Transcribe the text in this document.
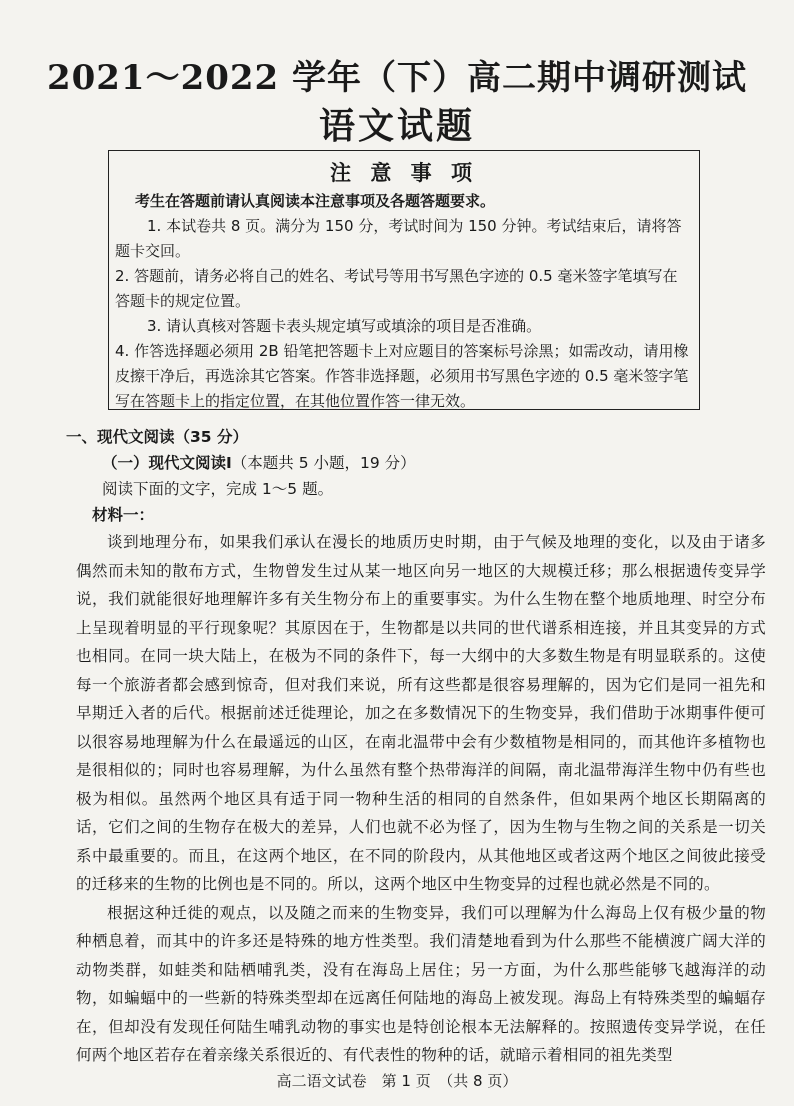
2021～2022 学年（下）高二期中调研测试
语文试题
注 意 事 项

考生在答题前请认真阅读本注意事项及各题答题要求。

1. 本试卷共 8 页。满分为 150 分，考试时间为 150 分钟。考试结束后，请将答题卡交回。

2. 答题前，请务必将自己的姓名、考试号等用书写黑色字迹的 0.5 毫米签字笔填写在答题卡的规定位置。

3. 请认真核对答题卡表头规定填写或填涂的项目是否准确。

4. 作答选择题必须用 2B 铅笔把答题卡上对应题目的答案标号涂黑；如需改动，请用橡皮擦干净后，再选涂其它答案。作答非选择题，必须用书写黑色字迹的 0.5 毫米签字笔写在答题卡上的指定位置，在其他位置作答一律无效。

一、现代文阅读（35 分）

（一）现代文阅读Ⅰ（本题共 5 小题，19 分）

阅读下面的文字，完成 1～5 题。

材料一：

谈到地理分布，如果我们承认在漫长的地质历史时期，由于气候及地理的变化，以及由于诸多偶然而未知的散布方式，生物曾发生过从某一地区向另一地区的大规模迁移；那么根据遗传变异学说，我们就能很好地理解许多有关生物分布上的重要事实。为什么生物在整个地质地理、时空分布上呈现着明显的平行现象呢？其原因在于，生物都是以共同的世代谱系相连接，并且其变异的方式也相同。在同一块大陆上，在极为不同的条件下，每一大纲中的大多数生物是有明显联系的。这使每一个旅游者都会感到惊奇，但对我们来说，所有这些都是很容易理解的，因为它们是同一祖先和早期迁入者的后代。根据前述迁徙理论，加之在多数情况下的生物变异，我们借助于冰期事件便可以很容易地理解为什么在最遥远的山区，在南北温带中会有少数植物是相同的，而其他许多植物也是很相似的；同时也容易理解，为什么虽然有整个热带海洋的间隔，南北温带海洋生物中仍有些也极为相似。虽然两个地区具有适于同一物种生活的相同的自然条件，但如果两个地区长期隔离的话，它们之间的生物存在极大的差异，人们也就不必为怪了，因为生物与生物之间的关系是一切关系中最重要的。而且，在这两个地区，在不同的阶段内，从其他地区或者这两个地区之间彼此接受的迁移来的生物的比例也是不同的。所以，这两个地区中生物变异的过程也就必然是不同的。

根据这种迁徙的观点，以及随之而来的生物变异，我们可以理解为什么海岛上仅有极少量的物种栖息着，而其中的许多还是特殊的地方性类型。我们清楚地看到为什么那些不能横渡广阔大洋的动物类群，如蛙类和陆栖哺乳类，没有在海岛上居住；另一方面，为什么那些能够飞越海洋的动物，如蝙蝠中的一些新的特殊类型却在远离任何陆地的海岛上被发现。海岛上有特殊类型的蝙蝠存在，但却没有发现任何陆生哺乳动物的事实也是特创论根本无法解释的。按照遗传变异学说，在任何两个地区若存在着亲缘关系很近的、有代表性的物种的话，就暗示着相同的祖先类型

高二语文试卷　第 1 页　（共 8 页）
